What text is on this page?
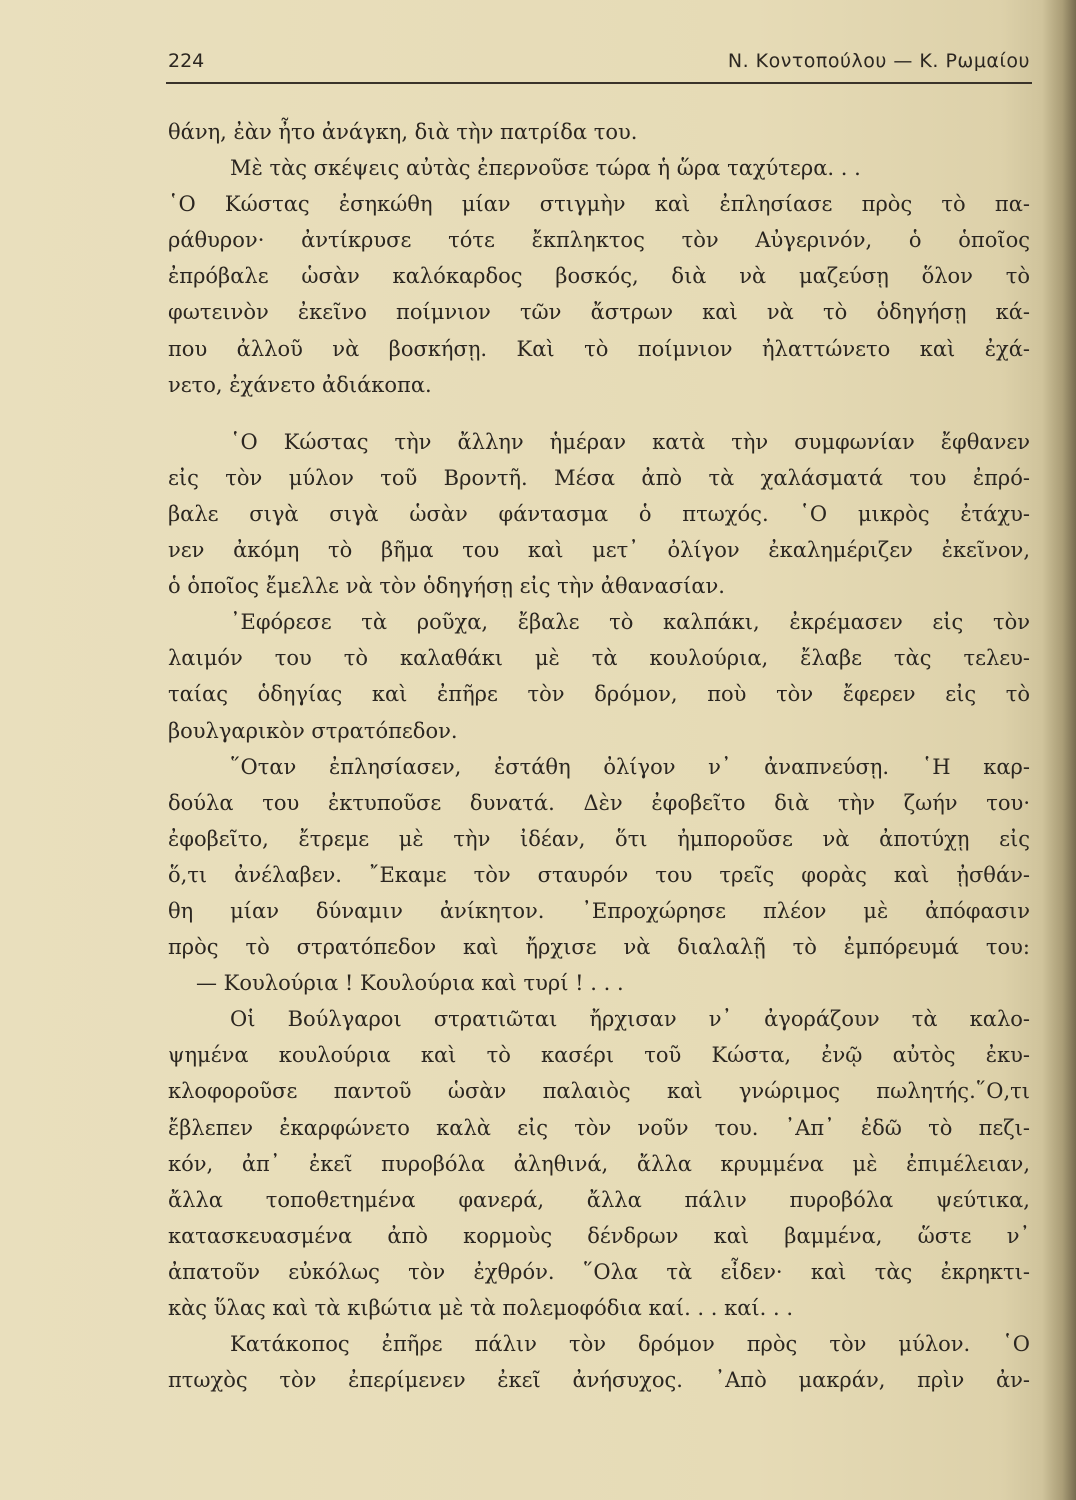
224	Ν. Κοντοπούλου — Κ. Ρωμαίου
θάνη, ἐὰν ἦτο ἀνάγκη, διὰ τὴν πατρίδα του.
Μὲ τὰς σκέψεις αὐτὰς ἐπερνοῦσε τώρα ἡ ὥρα ταχύτερα. . .
῾Ο Κώστας ἐσηκώθη μίαν στιγμὴν καὶ ἐπλησίασε πρὸς τὸ πα-
ράθυρον· ἀντίκρυσε τότε ἔκπληκτος τὸν Αὐγερινόν, ὁ ὁποῖος
ἐπρόβαλε ὡσὰν καλόκαρδος βοσκός, διὰ νὰ μαζεύσῃ ὅλον τὸ
φωτεινὸν ἐκεῖνο ποίμνιον τῶν ἄστρων καὶ νὰ τὸ ὁδηγήσῃ κά-
που ἀλλοῦ νὰ βοσκήσῃ. Καὶ τὸ ποίμνιον ἠλαττώνετο καὶ ἐχά-
νετο, ἐχάνετο ἀδιάκοπα.
῾Ο Κώστας τὴν ἄλλην ἡμέραν κατὰ τὴν συμφωνίαν ἔφθανεν
εἰς τὸν μύλον τοῦ Βροντῆ. Μέσα ἀπὸ τὰ χαλάσματά του ἐπρό-
βαλε σιγὰ σιγὰ ὡσὰν φάντασμα ὁ πτωχός. ῾Ο μικρὸς ἐτάχυ-
νεν ἀκόμη τὸ βῆμα του καὶ μετ᾽ ὀλίγον ἐκαλημέριζεν ἐκεῖνον,
ὁ ὁποῖος ἔμελλε νὰ τὸν ὁδηγήσῃ εἰς τὴν ἀθανασίαν.
᾽Εφόρεσε τὰ ροῦχα, ἔβαλε τὸ καλπάκι, ἐκρέμασεν εἰς τὸν
λαιμόν του τὸ καλαθάκι μὲ τὰ κουλούρια, ἔλαβε τὰς τελευ-
ταίας ὁδηγίας καὶ ἐπῆρε τὸν δρόμον, ποὺ τὸν ἔφερεν εἰς τὸ
βουλγαρικὸν στρατόπεδον.
῞Οταν ἐπλησίασεν, ἐστάθη ὀλίγον ν᾽ ἀναπνεύσῃ. ῾Η καρ-
δούλα του ἐκτυποῦσε δυνατά. Δὲν ἐφοβεῖτο διὰ τὴν ζωήν του·
ἐφοβεῖτο, ἔτρεμε μὲ τὴν ἰδέαν, ὅτι ἠμποροῦσε νὰ ἀποτύχῃ εἰς
ὅ,τι ἀνέλαβεν. ῎Εκαμε τὸν σταυρόν του τρεῖς φορὰς καὶ ᾐσθάν-
θη μίαν δύναμιν ἀνίκητον. ᾽Επροχώρησε πλέον μὲ ἀπόφασιν
πρὸς τὸ στρατόπεδον καὶ ἤρχισε νὰ διαλαλῇ τὸ ἐμπόρευμά του:
— Κουλούρια ! Κουλούρια καὶ τυρί ! . . .
Οἱ Βούλγαροι στρατιῶται ἤρχισαν ν᾽ ἀγοράζουν τὰ καλο-
ψημένα κουλούρια καὶ τὸ κασέρι τοῦ Κώστα, ἐνῷ αὐτὸς ἐκυ-
κλοφοροῦσε παντοῦ ὡσὰν παλαιὸς καὶ γνώριμος πωλητής.῞Ο,τι
ἔβλεπεν ἐκαρφώνετο καλὰ εἰς τὸν νοῦν του. ᾽Απ᾽ ἐδῶ τὸ πεζι-
κόν, ἀπ᾽ ἐκεῖ πυροβόλα ἀληθινά, ἄλλα κρυμμένα μὲ ἐπιμέλειαν,
ἄλλα τοποθετημένα φανερά, ἄλλα πάλιν πυροβόλα ψεύτικα,
κατασκευασμένα ἀπὸ κορμοὺς δένδρων καὶ βαμμένα, ὥστε ν᾽
ἀπατοῦν εὐκόλως τὸν ἐχθρόν. ῞Ολα τὰ εἶδεν· καὶ τὰς ἐκρηκτι-
κὰς ὕλας καὶ τὰ κιβώτια μὲ τὰ πολεμοφόδια καί. . . καί. . .
Κατάκοπος ἐπῆρε πάλιν τὸν δρόμον πρὸς τὸν μύλον. ῾Ο
πτωχὸς τὸν ἐπερίμενεν ἐκεῖ ἀνήσυχος. ᾽Απὸ μακράν, πρὶν ἀν-
